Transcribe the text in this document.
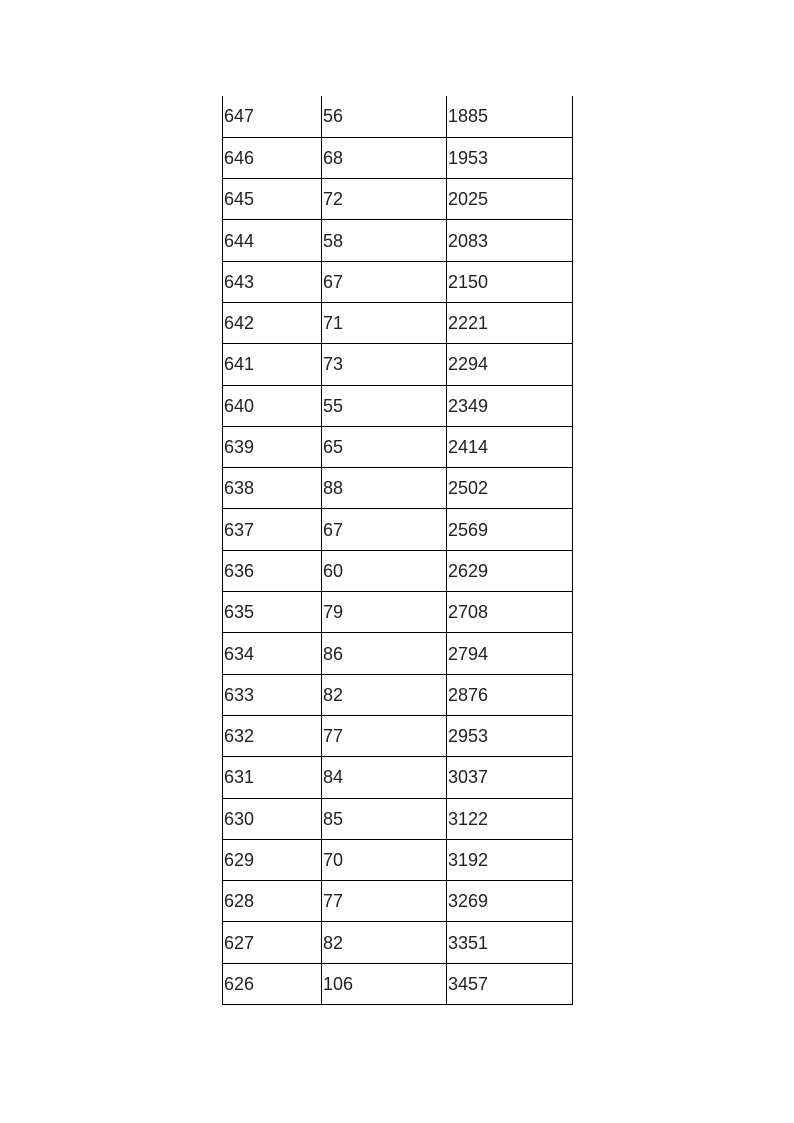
647	56	1885
646	68	1953
645	72	2025
644	58	2083
643	67	2150
642	71	2221
641	73	2294
640	55	2349
639	65	2414
638	88	2502
637	67	2569
636	60	2629
635	79	2708
634	86	2794
633	82	2876
632	77	2953
631	84	3037
630	85	3122
629	70	3192
628	77	3269
627	82	3351
626	106	3457
